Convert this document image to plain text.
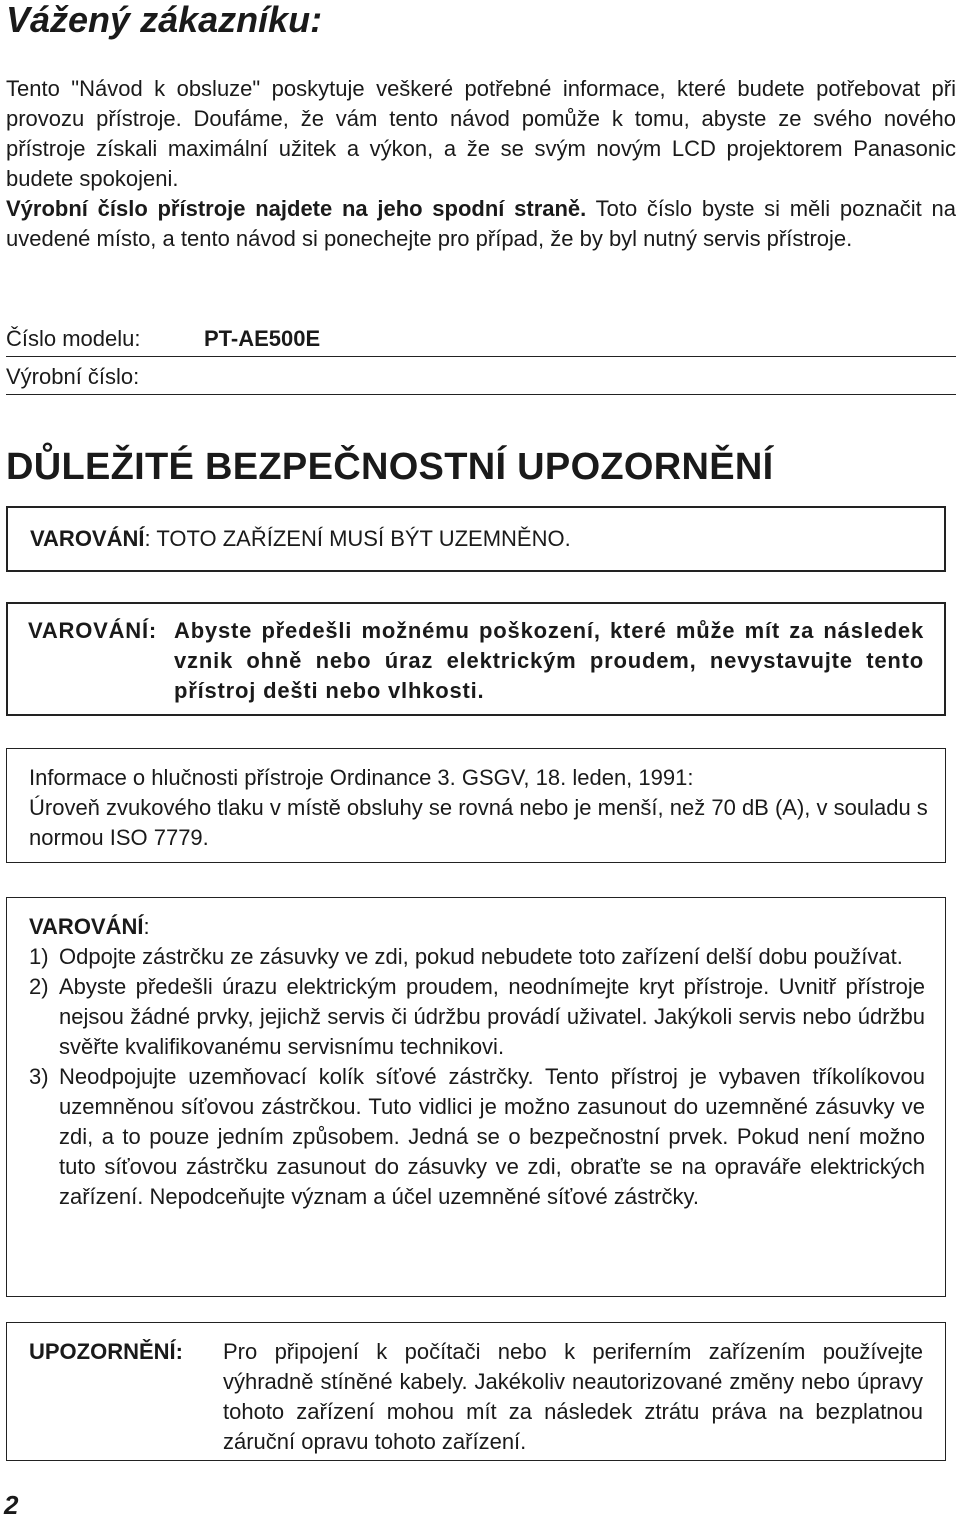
Vážený zákazníku:

Tento "Návod k obsluze" poskytuje veškeré potřebné informace, které budete potřebovat při provozu přístroje. Doufáme, že vám tento návod pomůže k tomu, abyste ze svého nového přístroje získali maximální užitek a výkon, a že se svým novým LCD projektorem Panasonic budete spokojeni.

Výrobní číslo přístroje najdete na jeho spodní straně. Toto číslo byste si měli poznačit na uvedené místo, a tento návod si ponechejte pro případ, že by byl nutný servis přístroje.

Číslo modelu:	PT-AE500E
Výrobní číslo:
DŮLEŽITÉ BEZPEČNOSTNÍ UPOZORNĚNÍ
VAROVÁNÍ: TOTO ZAŘÍZENÍ MUSÍ BÝT UZEMNĚNO.
VAROVÁNÍ: Abyste předešli možnému poškození, které může mít za následek vznik ohně nebo úraz elektrickým proudem, nevystavujte tento přístroj dešti nebo vlhkosti.

Informace o hlučnosti přístroje Ordinance 3. GSGV, 18. leden, 1991:

Úroveň zvukového tlaku v místě obsluhy se rovná nebo je menší, než 70 dB (A), v souladu s normou ISO 7779.

VAROVÁNÍ:
1) Odpojte zástrčku ze zásuvky ve zdi, pokud nebudete toto zařízení delší dobu používat.
2) Abyste předešli úrazu elektrickým proudem, neodnímejte kryt přístroje. Uvnitř přístroje nejsou žádné prvky, jejichž servis či údržbu provádí uživatel. Jakýkoli servis nebo údržbu svěřte kvalifikovanému servisnímu technikovi.
3) Neodpojujte uzemňovací kolík síťové zástrčky. Tento přístroj je vybaven tříkolíkovou uzemněnou síťovou zástrčkou. Tuto vidlici je možno zasunout do uzemněné zásuvky ve zdi, a to pouze jedním způsobem. Jedná se o bezpečnostní prvek. Pokud není možno tuto síťovou zástrčku zasunout do zásuvky ve zdi, obraťte se na opraváře elektrických zařízení. Nepodceňujte význam a účel uzemněné síťové zástrčky.
UPOZORNĚNÍ: Pro připojení k počítači nebo k periferním zařízením používejte výhradně stíněné kabely. Jakékoliv neautorizované změny nebo úpravy tohoto zařízení mohou mít za následek ztrátu práva na bezplatnou záruční opravu tohoto zařízení.
2
